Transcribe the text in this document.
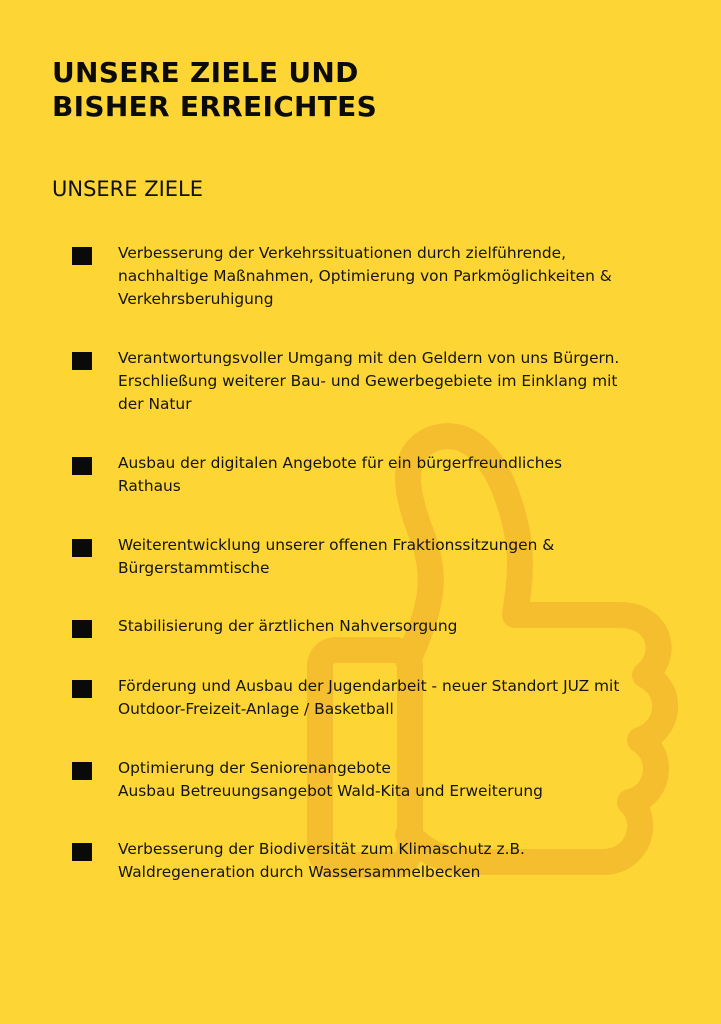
UNSERE ZIELE UND
BISHER ERREICHTES
UNSERE ZIELE
Verbesserung der Verkehrssituationen durch zielführende,
nachhaltige Maßnahmen, Optimierung von Parkmöglichkeiten &
Verkehrsberuhigung
Verantwortungsvoller Umgang mit den Geldern von uns Bürgern.
Erschließung weiterer Bau- und Gewerbegebiete im Einklang mit
der Natur
Ausbau der digitalen Angebote für ein bürgerfreundliches
Rathaus
Weiterentwicklung unserer offenen Fraktionssitzungen &
Bürgerstammtische
Stabilisierung der ärztlichen Nahversorgung
Förderung und Ausbau der Jugendarbeit - neuer Standort JUZ mit
Outdoor-Freizeit-Anlage / Basketball
Optimierung der Seniorenangebote
Ausbau Betreuungsangebot Wald-Kita und Erweiterung
Verbesserung der Biodiversität zum Klimaschutz z.B.
Waldregeneration durch Wassersammelbecken
